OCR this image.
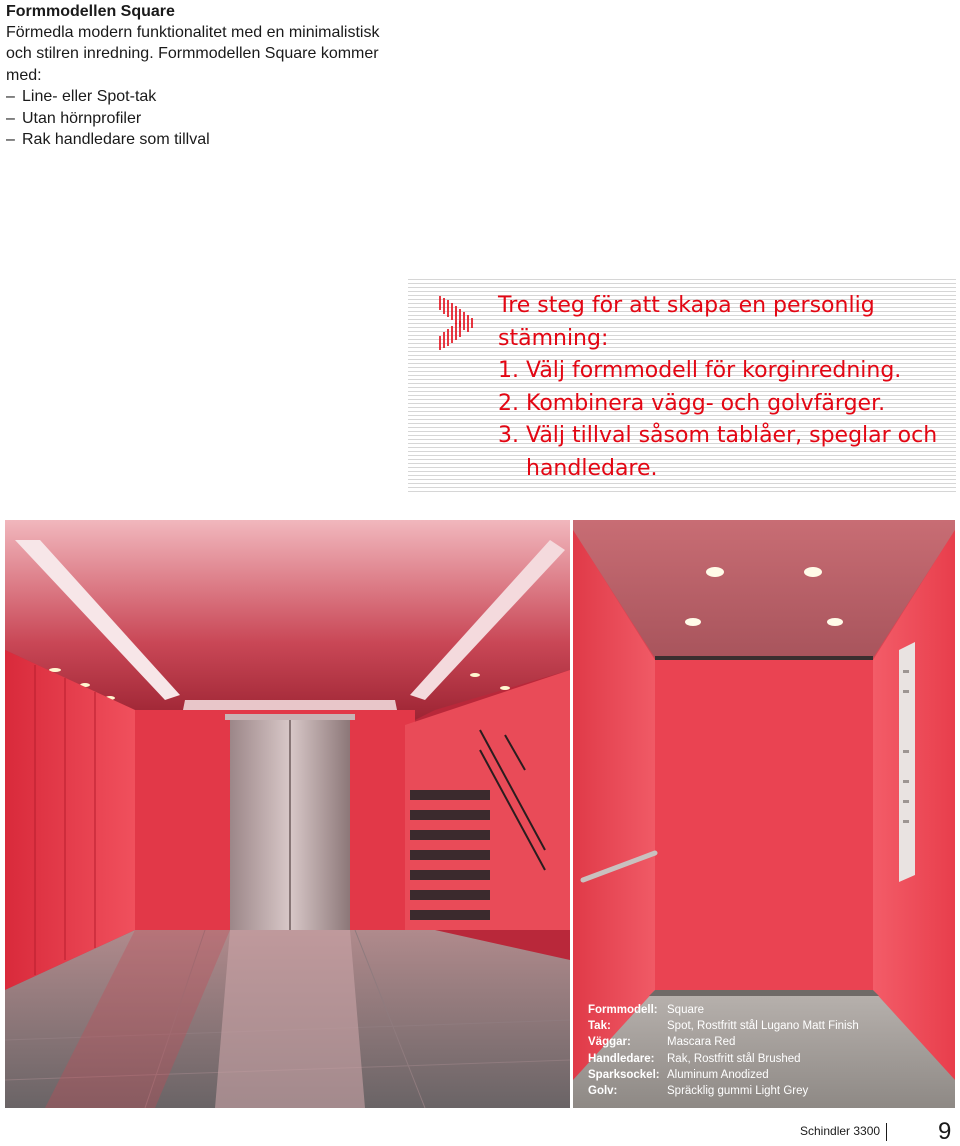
Formmodellen Square

Förmedla modern funktionalitet med en minimalistisk

och stilren inredning. Formmodellen Square kommer

med:

– Line- eller Spot-tak
– Utan hörnprofiler
– Rak handledare som tillval

Tre steg för att skapa en personlig

stämning:

1. Välj formmodell för korginredning.

2. Kombinera vägg- och golvfärger.

3. Välj tillval såsom tablåer, speglar och handledare.

Formmodell:	Square
Tak:	Spot, Rostfritt stål Lugano Matt Finish
Väggar:	Mascara Red
Handledare:	Rak, Rostfritt stål Brushed
Sparksockel:	Aluminum Anodized
Golv:	Spräcklig gummi Light Grey
Schindler 3300 9
